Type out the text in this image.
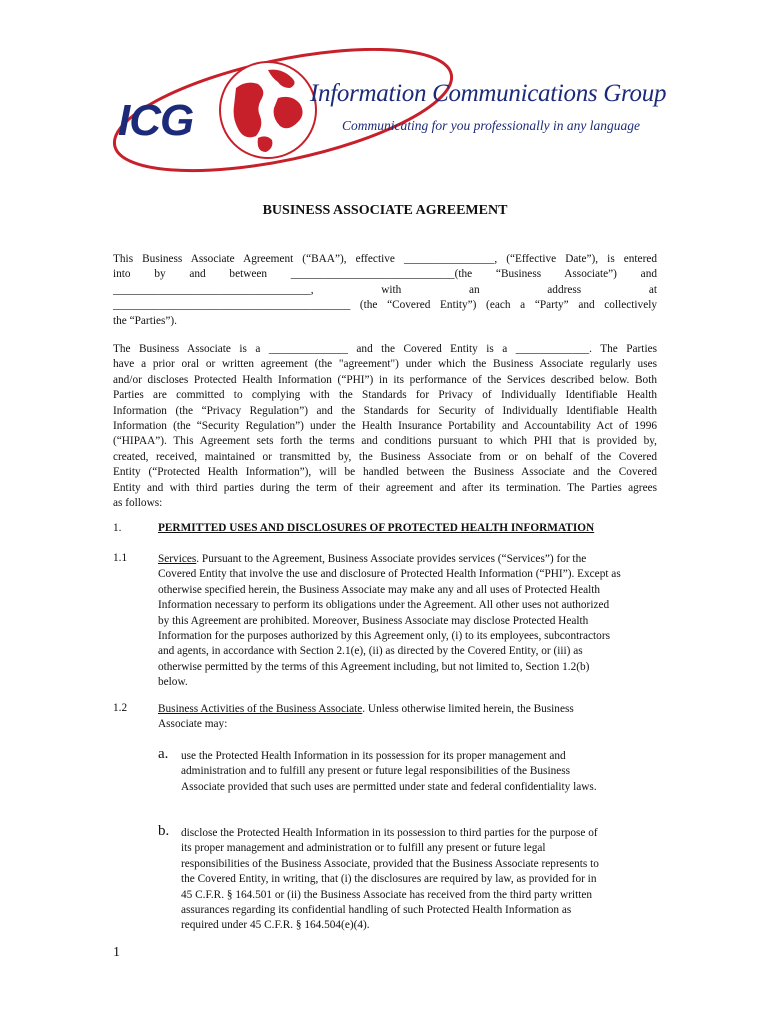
ICG
Information Communications Group
Communicating for you professionally in any language
BUSINESS ASSOCIATE AGREEMENT
This Business Associate Agreement (“BAA”), effective ________________, (“Effective Date”), is entered
into by and between _____________________________(the “Business Associate”) and
___________________________________, with an address at
__________________________________________ (the “Covered Entity”) (each a “Party” and collectively
the “Parties”).
The Business Associate is a ______________ and the Covered Entity is a _____________. The Parties
have a prior oral or written agreement (the "agreement") under which the Business Associate regularly uses
and/or discloses Protected Health Information (“PHI”) in its performance of the Services described below. Both
Parties are committed to complying with the Standards for Privacy of Individually Identifiable Health
Information (the “Privacy Regulation”) and the Standards for Security of Individually Identifiable Health
Information (the “Security Regulation”) under the Health Insurance Portability and Accountability Act of 1996
(“HIPAA”). This Agreement sets forth the terms and conditions pursuant to which PHI that is provided by,
created, received, maintained or transmitted by, the Business Associate from or on behalf of the Covered
Entity (“Protected Health Information”), will be handled between the Business Associate and the Covered
Entity and with third parties during the term of their agreement and after its termination. The Parties agrees
as follows:
1.	PERMITTED USES AND DISCLOSURES OF PROTECTED HEALTH INFORMATION
1.1	Services. Pursuant to the Agreement, Business Associate provides services (“Services”) for the
Covered Entity that involve the use and disclosure of Protected Health Information (“PHI”). Except as
otherwise specified herein, the Business Associate may make any and all uses of Protected Health
Information necessary to perform its obligations under the Agreement. All other uses not authorized
by this Agreement are prohibited. Moreover, Business Associate may disclose Protected Health
Information for the purposes authorized by this Agreement only, (i) to its employees, subcontractors
and agents, in accordance with Section 2.1(e), (ii) as directed by the Covered Entity, or (iii) as
otherwise permitted by the terms of this Agreement including, but not limited to, Section 1.2(b)
below.
1.2	Business Activities of the Business Associate. Unless otherwise limited herein, the Business
Associate may:
a. use the Protected Health Information in its possession for its proper management and
administration and to fulfill any present or future legal responsibilities of the Business
Associate provided that such uses are permitted under state and federal confidentiality laws.
b. disclose the Protected Health Information in its possession to third parties for the purpose of
its proper management and administration or to fulfill any present or future legal
responsibilities of the Business Associate, provided that the Business Associate represents to
the Covered Entity, in writing, that (i) the disclosures are required by law, as provided for in
45 C.F.R. § 164.501 or (ii) the Business Associate has received from the third party written
assurances regarding its confidential handling of such Protected Health Information as
required under 45 C.F.R. § 164.504(e)(4).
1
